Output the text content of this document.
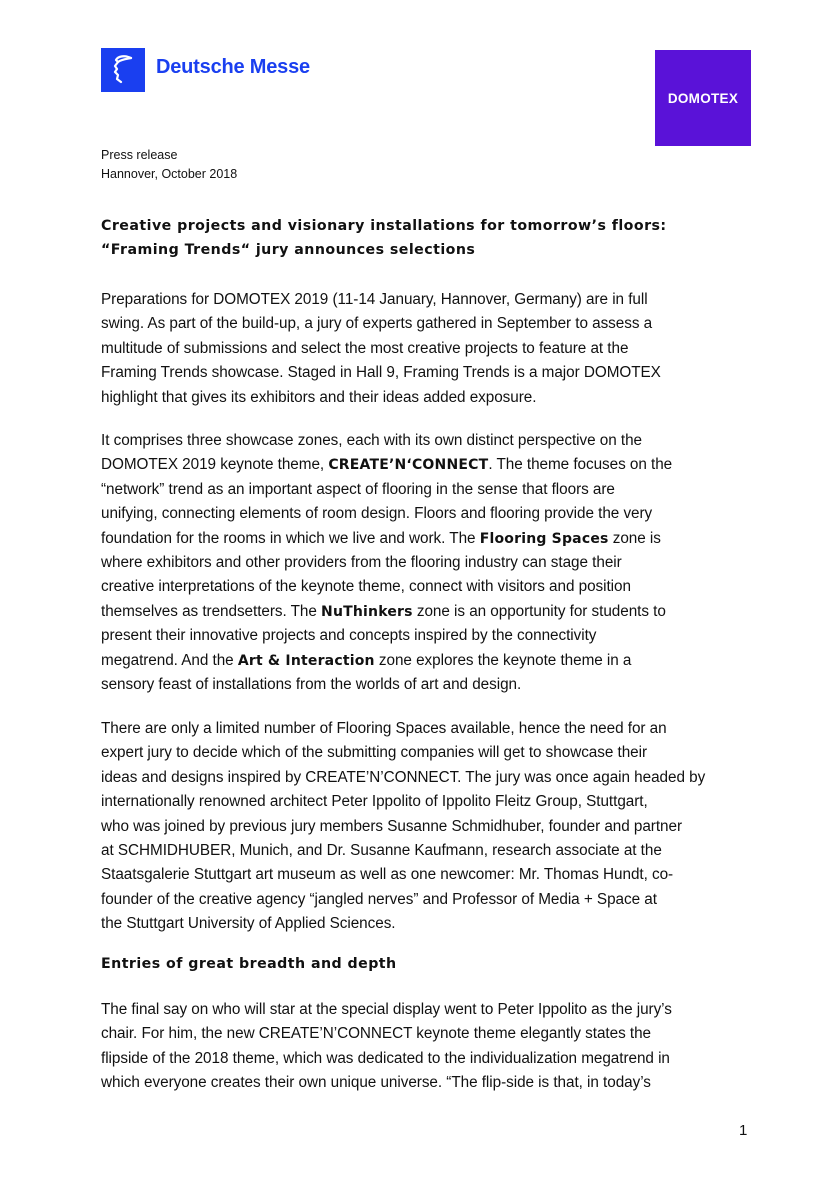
Deutsche Messe
DOMOTEX
Press release
Hannover, October 2018
Creative projects and visionary installations for tomorrow’s floors:
“Framing Trends“ jury announces selections
Preparations for DOMOTEX 2019 (11-14 January, Hannover, Germany) are in full
swing. As part of the build-up, a jury of experts gathered in September to assess a
multitude of submissions and select the most creative projects to feature at the
Framing Trends showcase. Staged in Hall 9, Framing Trends is a major DOMOTEX
highlight that gives its exhibitors and their ideas added exposure.
It comprises three showcase zones, each with its own distinct perspective on the
DOMOTEX 2019 keynote theme, CREATE’N‘CONNECT. The theme focuses on the
“network” trend as an important aspect of flooring in the sense that floors are
unifying, connecting elements of room design. Floors and flooring provide the very
foundation for the rooms in which we live and work. The Flooring Spaces zone is
where exhibitors and other providers from the flooring industry can stage their
creative interpretations of the keynote theme, connect with visitors and position
themselves as trendsetters. The NuThinkers zone is an opportunity for students to
present their innovative projects and concepts inspired by the connectivity
megatrend. And the Art & Interaction zone explores the keynote theme in a
sensory feast of installations from the worlds of art and design.
There are only a limited number of Flooring Spaces available, hence the need for an
expert jury to decide which of the submitting companies will get to showcase their
ideas and designs inspired by CREATE’N’CONNECT. The jury was once again headed by
internationally renowned architect Peter Ippolito of Ippolito Fleitz Group, Stuttgart,
who was joined by previous jury members Susanne Schmidhuber, founder and partner
at SCHMIDHUBER, Munich, and Dr. Susanne Kaufmann, research associate at the
Staatsgalerie Stuttgart art museum as well as one newcomer: Mr. Thomas Hundt, co-
founder of the creative agency “jangled nerves” and Professor of Media + Space at
the Stuttgart University of Applied Sciences.
Entries of great breadth and depth
The final say on who will star at the special display went to Peter Ippolito as the jury’s
chair. For him, the new CREATE’N’CONNECT keynote theme elegantly states the
flipside of the 2018 theme, which was dedicated to the individualization megatrend in
which everyone creates their own unique universe. “The flip-side is that, in today’s
1
